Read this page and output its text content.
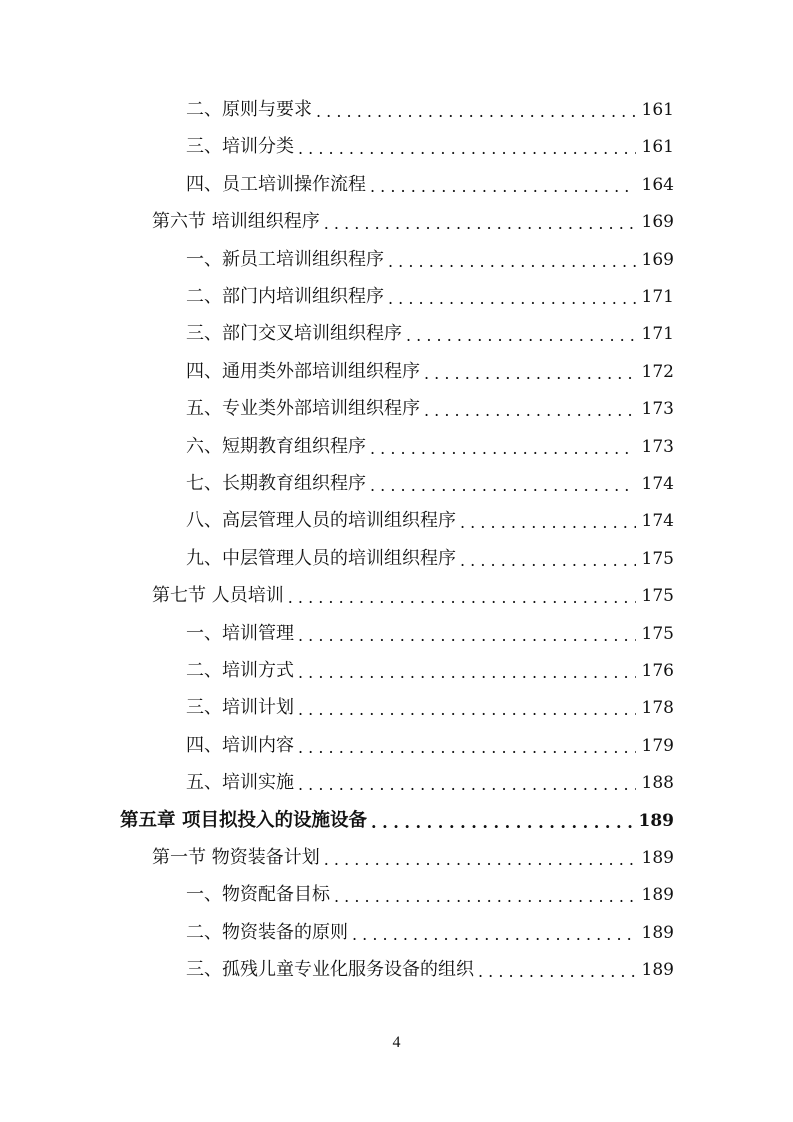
二、原则与要求 . . .	161
三、培训分类 . . .	161
四、员工培训操作流程 . . .	164
第六节 培训组织程序 . . .	169
一、新员工培训组织程序 . . .	169
二、部门内培训组织程序 . . .	171
三、部门交叉培训组织程序 . . .	171
四、通用类外部培训组织程序 . . .	172
五、专业类外部培训组织程序 . . .	173
六、短期教育组织程序 . . .	173
七、长期教育组织程序 . . .	174
八、高层管理人员的培训组织程序 . . .	174
九、中层管理人员的培训组织程序 . . .	175
第七节 人员培训 . . .	175
一、培训管理 . . .	175
二、培训方式 . . .	176
三、培训计划 . . .	178
四、培训内容 . . .	179
五、培训实施 . . .	188
第五章 项目拟投入的设施设备 . . .	189
第一节 物资装备计划 . . .	189
一、物资配备目标 . . .	189
二、物资装备的原则 . . .	189
三、孤残儿童专业化服务设备的组织 . . .	189
4
